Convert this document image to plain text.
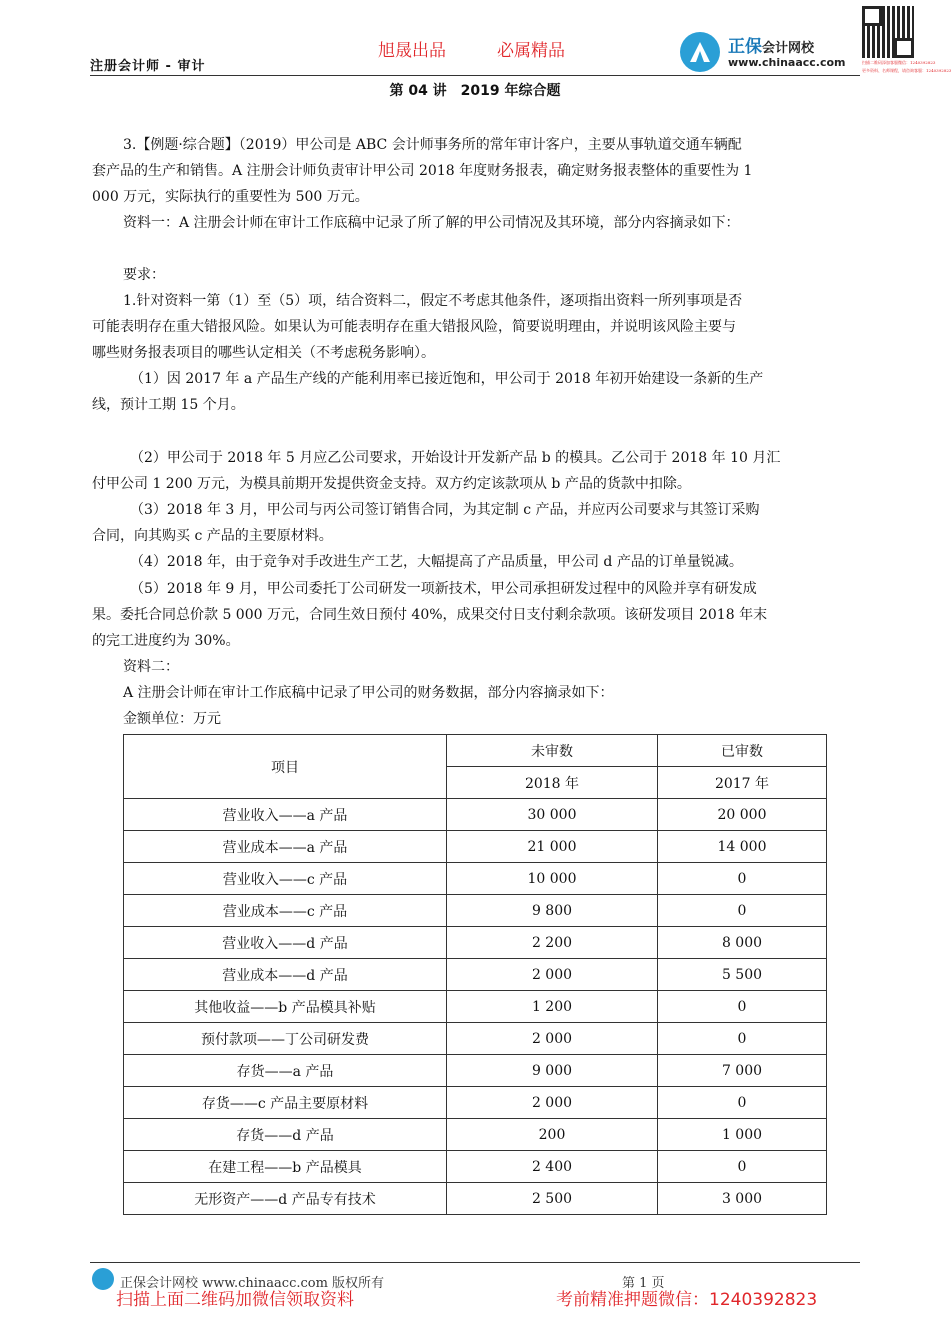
注册会计师 - 审计
旭晟出品	必属精品	正保会计网校
www.chinaacc.com	扫描二维码添加客服微信：1240392823
更多资料、名师课程，请咨询客服：1240392823
第 04 讲　2019 年综合题
3.【例题·综合题】（2019）甲公司是 ABC 会计师事务所的常年审计客户，主要从事轨道交通车辆配
套产品的生产和销售。A 注册会计师负责审计甲公司 2018 年度财务报表，确定财务报表整体的重要性为 1
000 万元，实际执行的重要性为 500 万元。
资料一：A 注册会计师在审计工作底稿中记录了所了解的甲公司情况及其环境，部分内容摘录如下：
要求：
1.针对资料一第（1）至（5）项，结合资料二，假定不考虑其他条件，逐项指出资料一所列事项是否
可能表明存在重大错报风险。如果认为可能表明存在重大错报风险，简要说明理由，并说明该风险主要与
哪些财务报表项目的哪些认定相关（不考虑税务影响）。
（1）因 2017 年 a 产品生产线的产能利用率已接近饱和，甲公司于 2018 年初开始建设一条新的生产
线，预计工期 15 个月。
（2）甲公司于 2018 年 5 月应乙公司要求，开始设计开发新产品 b 的模具。乙公司于 2018 年 10 月汇
付甲公司 1 200 万元，为模具前期开发提供资金支持。双方约定该款项从 b 产品的货款中扣除。
（3）2018 年 3 月，甲公司与丙公司签订销售合同，为其定制 c 产品，并应丙公司要求与其签订采购
合同，向其购买 c 产品的主要原材料。
（4）2018 年，由于竞争对手改进生产工艺，大幅提高了产品质量，甲公司 d 产品的订单量锐减。
（5）2018 年 9 月，甲公司委托丁公司研发一项新技术，甲公司承担研发过程中的风险并享有研发成
果。委托合同总价款 5 000 万元，合同生效日预付 40%，成果交付日支付剩余款项。该研发项目 2018 年末
的完工进度约为 30%。
资料二：
A 注册会计师在审计工作底稿中记录了甲公司的财务数据，部分内容摘录如下：
金额单位：万元
项目	未审数	已审数
	2018 年	2017 年
营业收入——a 产品	30 000	20 000
营业成本——a 产品	21 000	14 000
营业收入——c 产品	10 000	0
营业成本——c 产品	9 800	0
营业收入——d 产品	2 200	8 000
营业成本——d 产品	2 000	5 500
其他收益——b 产品模具补贴	1 200	0
预付款项——丁公司研发费	2 000	0
存货——a 产品	9 000	7 000
存货——c 产品主要原材料	2 000	0
存货——d 产品	200	1 000
在建工程——b 产品模具	2 400	0
无形资产——d 产品专有技术	2 500	3 000
正保会计网校 www.chinaacc.com 版权所有	第 1 页
扫描上面二维码加微信领取资料	考前精准押题微信：1240392823
